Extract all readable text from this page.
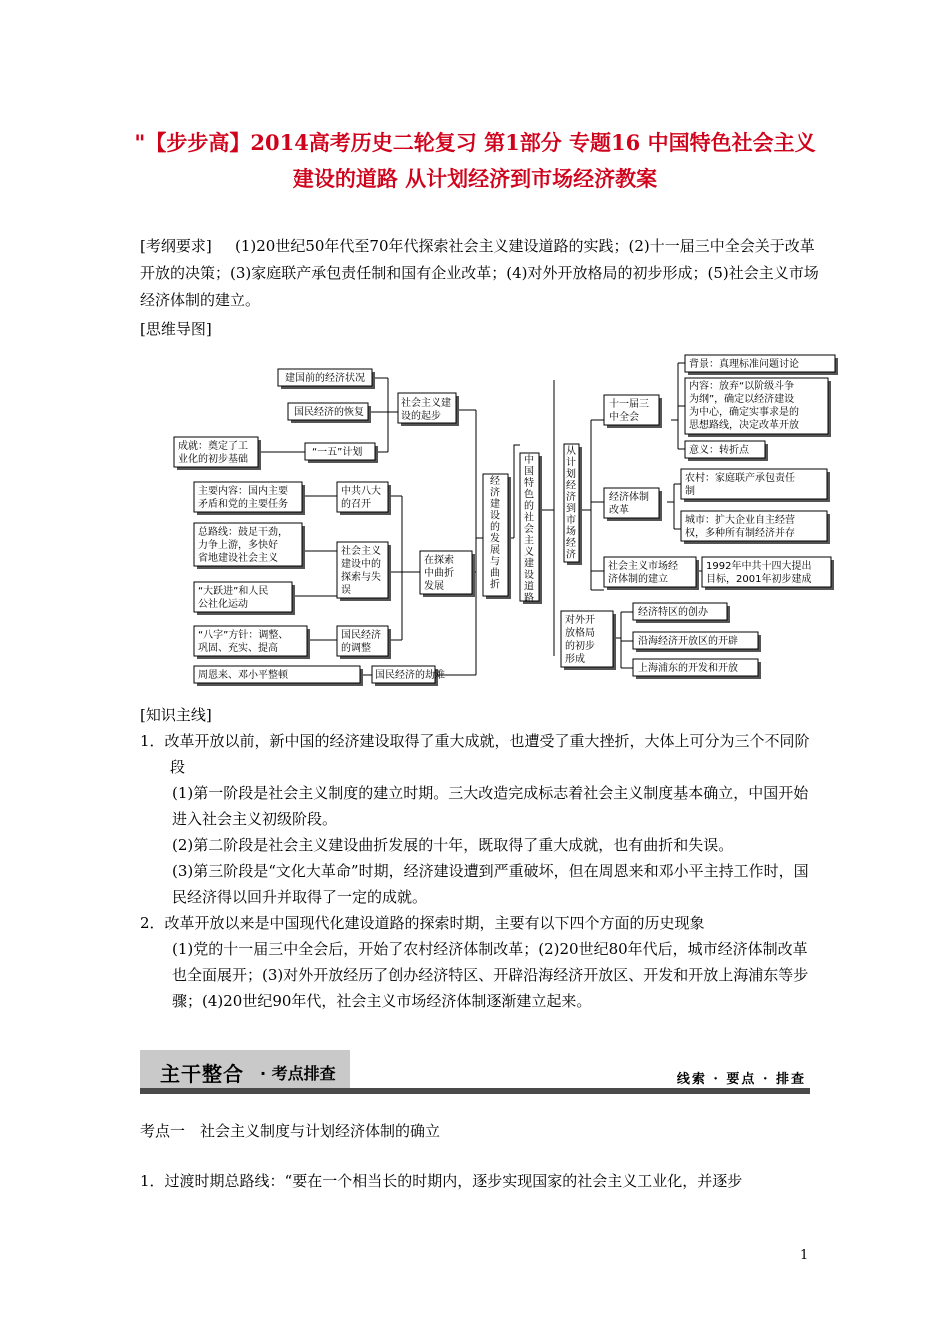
"【步步高】2014高考历史二轮复习 第1部分 专题16 中国特色社会主义建设的道路 从计划经济到市场经济教案
[考纲要求]	(1)20世纪50年代至70年代探索社会主义建设道路的实践；(2)十一届三中全会关于改革开放的决策；(3)家庭联产承包责任制和国有企业改革；(4)对外开放格局的初步形成；(5)社会主义市场经济体制的建立。

[思维导图]
建国前的经济状况
国民经济的恢复
“一五”计划
成就：奠定了工
业化的初步基础
社会主义建
设的起步
主要内容：国内主要
矛盾和党的主要任务
中共八大
的召开
总路线：鼓足干劲，
力争上游，多快好
省地建设社会主义
“大跃进”和人民
公社化运动
社会主义
建设中的
探索与失
误
“八字”方针：调整、
巩固、充实、提高
国民经济
的调整
在探索
中曲折
发展
周恩来、邓小平整顿	国民经济的劫难
经济建设的发展与曲折
中国特色的社会主义建设道路
从计划经济到市场经济
十一届三
中全会
背景：真理标准问题讨论
内容：放弃“以阶级斗争
为纲”，确定以经济建设
为中心，确定实事求是的
思想路线，决定改革开放
意义：转折点
经济体制
改革
农村：家庭联产承包责任
制
城市：扩大企业自主经营
权，多种所有制经济并存
社会主义市场经
济体制的建立
1992年中共十四大提出
目标，2001年初步建成
对外开
放格局
的初步
形成
经济特区的创办
沿海经济开放区的开辟
上海浦东的开发和开放
[知识主线]

1．改革开放以前，新中国的经济建设取得了重大成就，也遭受了重大挫折，大体上可分为三个不同阶段

(1)第一阶段是社会主义制度的建立时期。三大改造完成标志着社会主义制度基本确立，中国开始进入社会主义初级阶段。

(2)第二阶段是社会主义建设曲折发展的十年，既取得了重大成就，也有曲折和失误。

(3)第三阶段是“文化大革命”时期，经济建设遭到严重破坏，但在周恩来和邓小平主持工作时，国民经济得以回升并取得了一定的成就。

2．改革开放以来是中国现代化建设道路的探索时期，主要有以下四个方面的历史现象

(1)党的十一届三中全会后，开始了农村经济体制改革；(2)20世纪80年代后，城市经济体制改革也全面展开；(3)对外开放经历了创办经济特区、开辟沿海经济开放区、开发和开放上海浦东等步骤；(4)20世纪90年代，社会主义市场经济体制逐渐建立起来。

主干整合 · 考点排查	线索 · 要点 · 排查
考点一　社会主义制度与计划经济体制的确立
1．过渡时期总路线：“要在一个相当长的时期内，逐步实现国家的社会主义工业化，并逐步
1
